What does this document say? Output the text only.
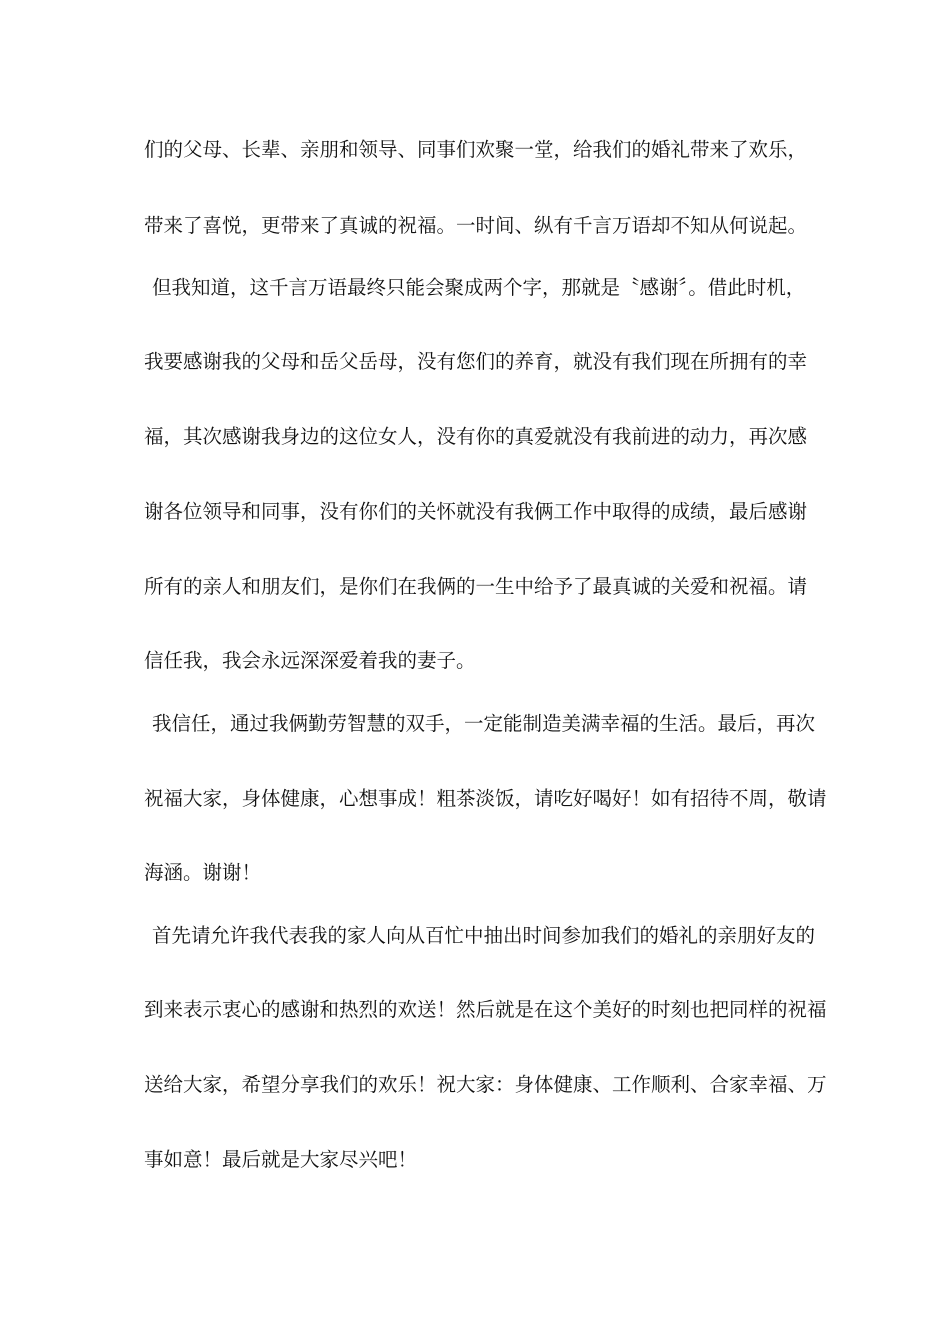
们的父母、长辈、亲朋和领导、同事们欢聚一堂，给我们的婚礼带来了欢乐，
带来了喜悦，更带来了真诚的祝福。一时间、纵有千言万语却不知从何说起。
但我知道，这千言万语最终只能会聚成两个字，那就是〝感谢〞。借此时机，
我要感谢我的父母和岳父岳母，没有您们的养育，就没有我们现在所拥有的幸
福，其次感谢我身边的这位女人，没有你的真爱就没有我前进的动力，再次感
谢各位领导和同事，没有你们的关怀就没有我俩工作中取得的成绩，最后感谢
所有的亲人和朋友们，是你们在我俩的一生中给予了最真诚的关爱和祝福。请
信任我，我会永远深深爱着我的妻子。
我信任，通过我俩勤劳智慧的双手，一定能制造美满幸福的生活。最后，再次
祝福大家，身体健康，心想事成！粗茶淡饭，请吃好喝好！如有招待不周，敬请
海涵。谢谢！
首先请允许我代表我的家人向从百忙中抽出时间参加我们的婚礼的亲朋好友的
到来表示衷心的感谢和热烈的欢送！然后就是在这个美好的时刻也把同样的祝福
送给大家，希望分享我们的欢乐！祝大家：身体健康、工作顺利、合家幸福、万
事如意！最后就是大家尽兴吧！
